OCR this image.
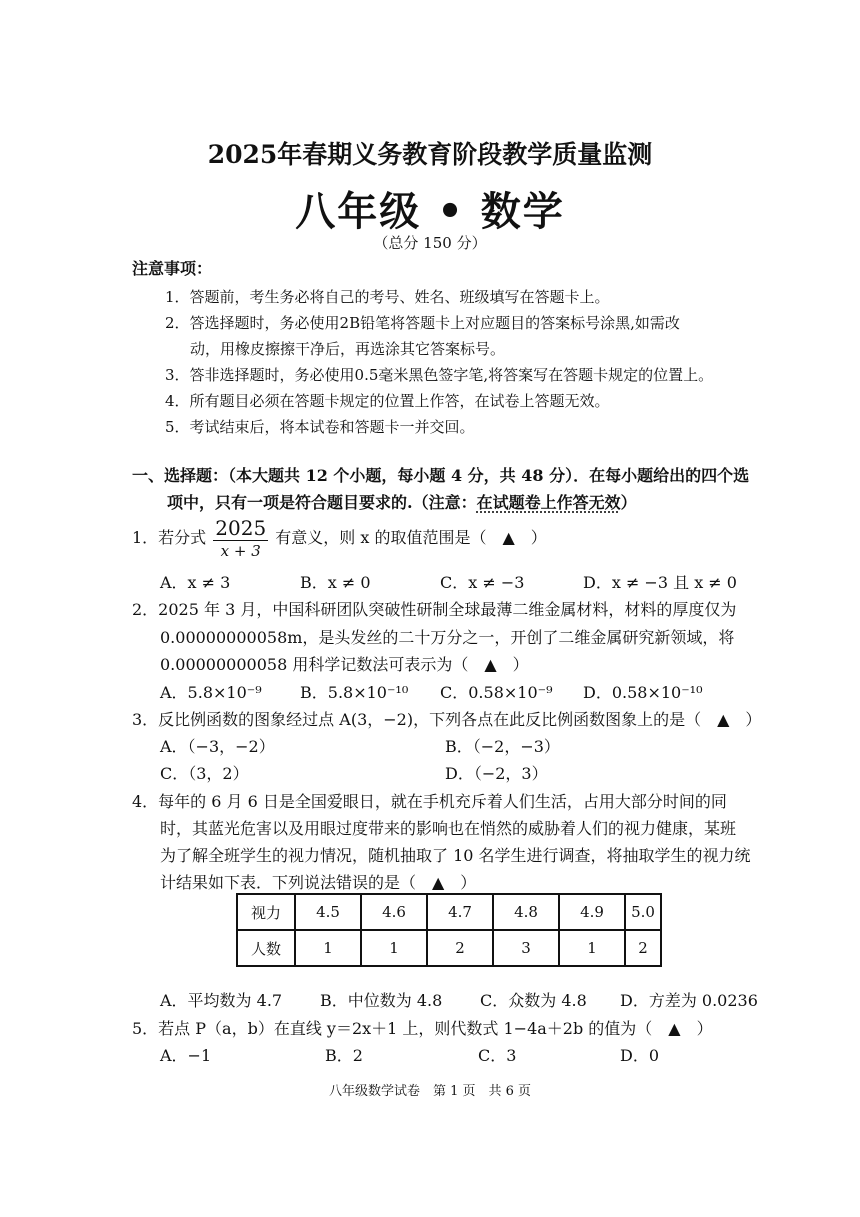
2025年春期义务教育阶段教学质量监测
八年级 • 数学
（总分 150 分）
注意事项：
1．答题前，考生务必将自己的考号、姓名、班级填写在答题卡上。
2．答选择题时，务必使用2B铅笔将答题卡上对应题目的答案标号涂黑,如需改
动，用橡皮擦擦干净后，再选涂其它答案标号。
3．答非选择题时，务必使用0.5毫米黑色签字笔,将答案写在答题卡规定的位置上。
4．所有题目必须在答题卡规定的位置上作答，在试卷上答题无效。
5．考试结束后，将本试卷和答题卡一并交回。
一、选择题：（本大题共 12 个小题，每小题 4 分，共 48 分）．在每小题给出的四个选
项中，只有一项是符合题目要求的.（注意：在试题卷上作答无效）
1．若分式 $\frac{2025}{x + 3}$ 有意义，则 x 的取值范围是（　▲　）
A．x ≠ 3	B．x ≠ 0	C．x ≠ −3	D．x ≠ −3 且 x ≠ 0
2．2025 年 3 月，中国科研团队突破性研制全球最薄二维金属材料，材料的厚度仅为
0.00000000058m，是头发丝的二十万分之一，开创了二维金属研究新领域，将
0.00000000058 用科学记数法可表示为（　▲　）
A．5.8×10⁻⁹ B．5.8×10⁻¹⁰ C．0.58×10⁻⁹ D．0.58×10⁻¹⁰
3．反比例函数的图象经过点 A(3，−2)，下列各点在此反比例函数图象上的是（　▲　）
A．（−3，−2）	B．（−2，−3）
C．（3，2）	D．（−2，3）
4．每年的 6 月 6 日是全国爱眼日，就在手机充斥着人们生活，占用大部分时间的同
时，其蓝光危害以及用眼过度带来的影响也在悄然的威胁着人们的视力健康，某班
为了解全班学生的视力情况，随机抽取了 10 名学生进行调查，将抽取学生的视力统
计结果如下表．下列说法错误的是（　▲　）
视力	4.5	4.6	4.7	4.8	4.9	5.0
人数	1	1	2	3	1	2
A．平均数为 4.7 B．中位数为 4.8 C．众数为 4.8 D．方差为 0.0236
5．若点 P（a，b）在直线 y＝2x＋1 上，则代数式 1−4a＋2b 的值为（　▲　）
A．−1	B．2	C．3	D．0
八年级数学试卷　第 1 页　共 6 页
